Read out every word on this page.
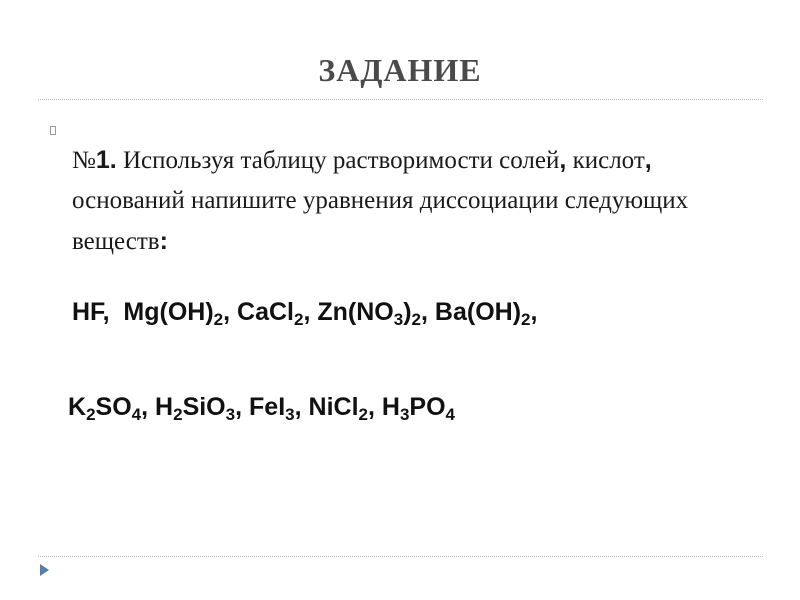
ЗАДАНИЕ
№1. Используя таблицу растворимости солей, кислот, оснований напишите уравнения диссоциации следующих веществ:
HF,  $Mg(OH)_2$, CaCl$_2$, $Zn(NO_3)_2$, $Ba(OH)_2$,
$K_2SO_4$, $H_2SiO_3$, FeI$_3$, NiCl$_2$, $H_3PO_4$
